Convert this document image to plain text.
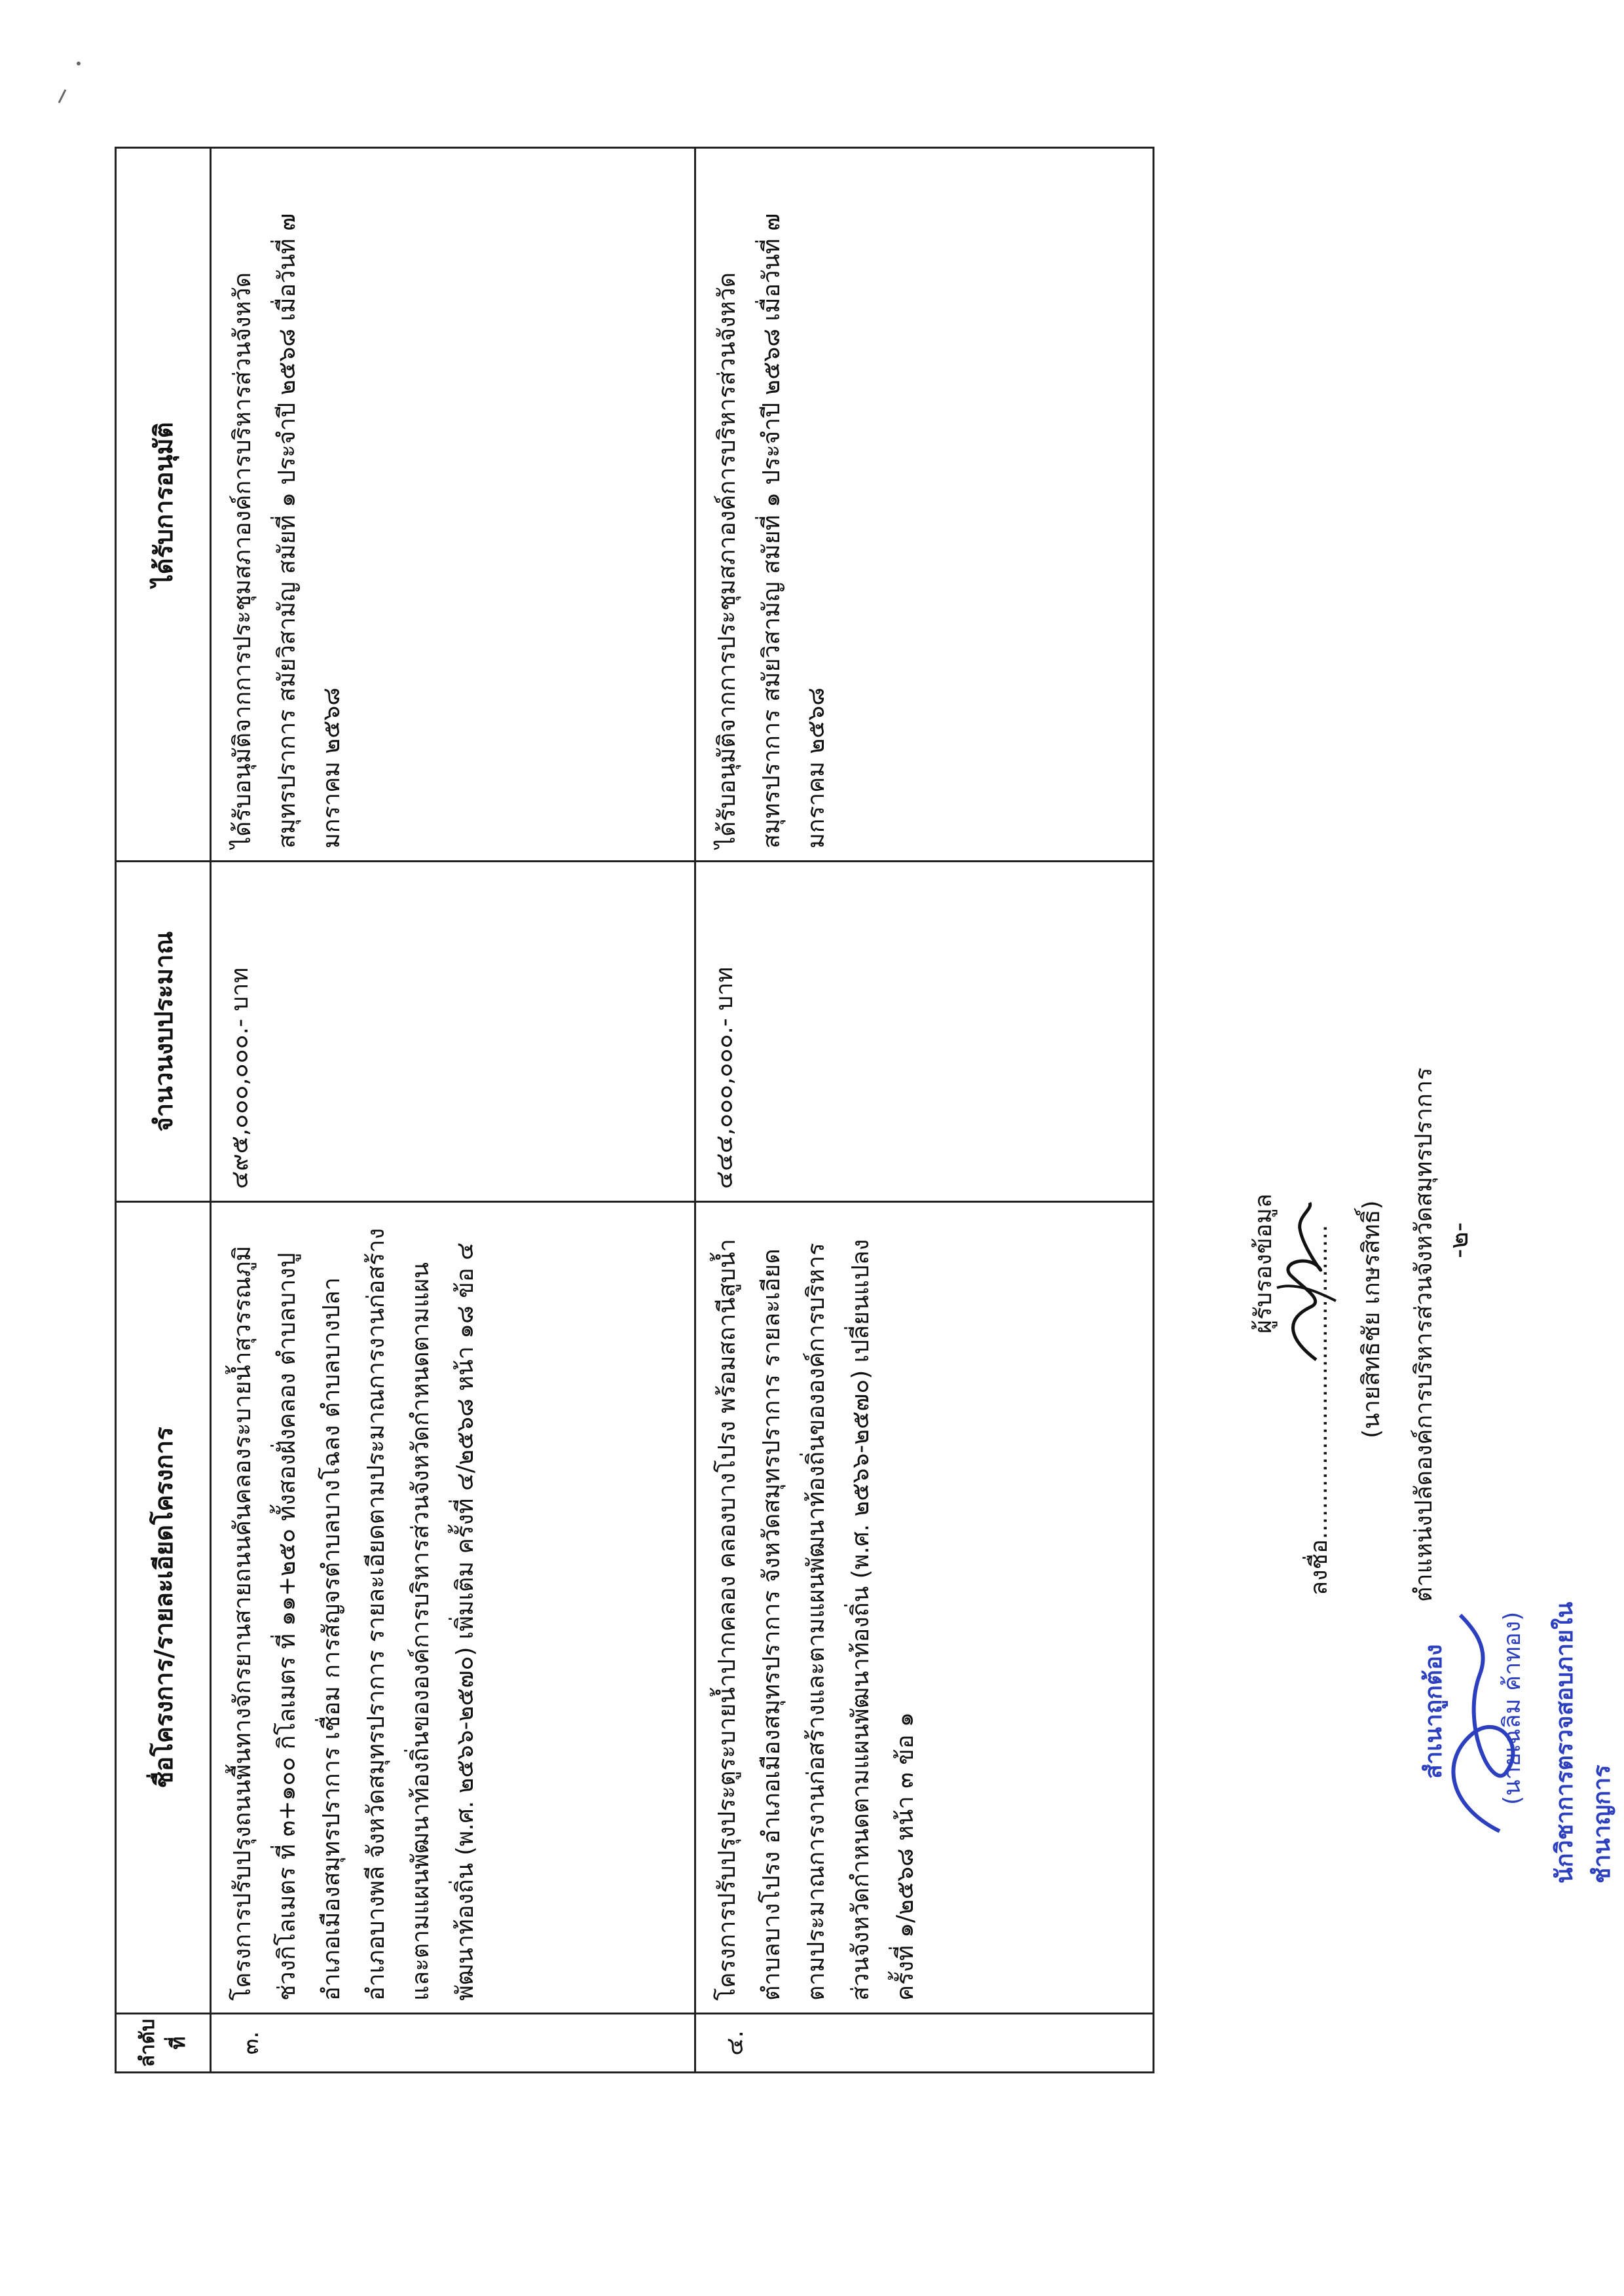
-๒-
ลำดับที่	ชื่อโครงการ/รายละเอียดโครงการ	จำนวนงบประมาณ	ได้รับการอนุมัติ
๓.	โครงการปรับปรุงถนนพื้นทางจักรยานสายถนนคันคลองระบายน้ำสุวรรณภูมิ ช่วงกิโลเมตร ที่ ๓+๑๐๐ กิโลเมตร ที่ ๑๑+๒๕๐ ทั้งสองฝั่งคลอง ตำบลบางปู อำเภอเมืองสมุทรปราการ เชื่อม การสัญจรตำบลบางโฉลง ตำบลบางปลา อำเภอบางพลี จังหวัดสมุทรปราการ รายละเอียดตามประมาณการงานก่อสร้าง และตามแผนพัฒนาท้องถิ่นขององค์การบริหารส่วนจังหวัดกำหนดตามแผนพัฒนาท้องถิ่น (พ.ศ. ๒๕๖๖-๒๕๗๐) เพิ่มเติม ครั้งที่ ๔/๒๕๖๘ หน้า ๑๘ ข้อ ๔	๔๙๕,๐๐๐,๐๐๐.- บาท	ได้รับอนุมัติจากการประชุมสภาองค์การบริหารส่วนจังหวัดสมุทรปราการ สมัยวิสามัญ สมัยที่ ๑ ประจำปี ๒๕๖๘ เมื่อวันที่ ๗ มกราคม ๒๕๖๘
๔.	โครงการปรับปรุงประตูระบายน้ำปากคลอง คลองบางโปรง พร้อมสถานีสูบน้ำ ตำบลบางโปรง อำเภอเมืองสมุทรปราการ จังหวัดสมุทรปราการ รายละเอียดตามประมาณการงานก่อสร้างและตามแผนพัฒนาท้องถิ่นขององค์การบริหารส่วนจังหวัดกำหนดตามแผนพัฒนาท้องถิ่น (พ.ศ. ๒๕๖๖-๒๕๗๐) เปลี่ยนแปลง ครั้งที่ ๑/๒๕๖๘ หน้า ๓ ข้อ ๑	๔๔๔,๐๐๐,๐๐๐.- บาท	ได้รับอนุมัติจากการประชุมสภาองค์การบริหารส่วนจังหวัดสมุทรปราการ สมัยวิสามัญ สมัยที่ ๑ ประจำปี ๒๕๖๘ เมื่อวันที่ ๗ มกราคม ๒๕๖๘
ผู้รับรองข้อมูล
ลงชื่อ.......................................... (นายสิทธิชัย เกษรสิทธิ์) ตำแหน่งปลัดองค์การบริหารส่วนจังหวัดสมุทรปราการ
สำเนาถูกต้อง (นายเฉลิม ค้าทอง) นักวิชาการตรวจสอบภายในชำนาญการ
